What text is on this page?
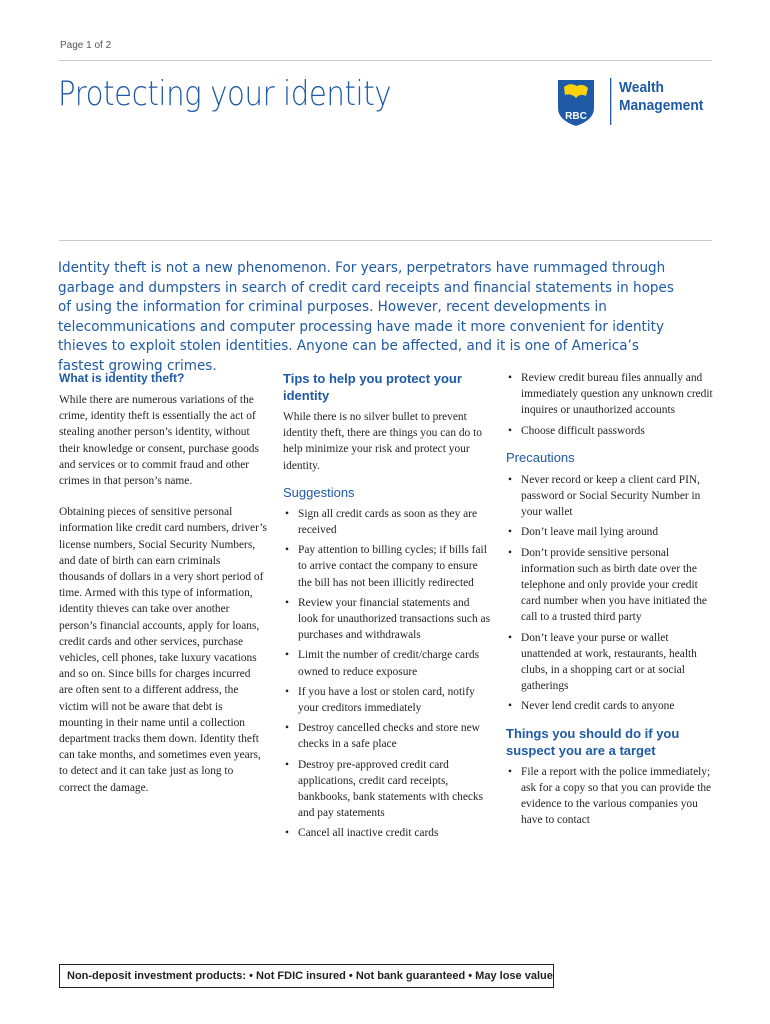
Page 1 of 2
Protecting your identity
RBC
Wealth
Management
Identity theft is not a new phenomenon. For years, perpetrators have rummaged through garbage and dumpsters in search of credit card receipts and financial statements in hopes of using the information for criminal purposes. However, recent developments in telecommunications and computer processing have made it more convenient for identity thieves to exploit stolen identities. Anyone can be affected, and it is one of America’s fastest growing crimes.
What is identity theft?

While there are numerous variations of the crime, identity theft is essentially the act of stealing another person’s identity, without their knowledge or consent, purchase goods and services or to commit fraud and other crimes in that person’s name.

Obtaining pieces of sensitive personal information like credit card numbers, driver’s license numbers, Social Security Numbers, and date of birth can earn criminals thousands of dollars in a very short period of time. Armed with this type of information, identity thieves can take over another person’s financial accounts, apply for loans, credit cards and other services, purchase vehicles, cell phones, take luxury vacations and so on. Since bills for charges incurred are often sent to a different address, the victim will not be aware that debt is mounting in their name until a collection department tracks them down. Identity theft can take months, and sometimes even years, to detect and it can take just as long to correct the damage.

Tips to help you protect your identity

While there is no silver bullet to prevent identity theft, there are things you can do to help minimize your risk and protect your identity.

Suggestions
• Sign all credit cards as soon as they are received
• Pay attention to billing cycles; if bills fail to arrive contact the company to ensure the bill has not been illicitly redirected
• Review your financial statements and look for unauthorized transactions such as purchases and withdrawals
• Limit the number of credit/charge cards owned to reduce exposure
• If you have a lost or stolen card, notify your creditors immediately
• Destroy cancelled checks and store new checks in a safe place
• Destroy pre-approved credit card applications, credit card receipts, bankbooks, bank statements with checks and pay statements
• Cancel all inactive credit cards
• Review credit bureau files annually and immediately question any unknown credit inquires or unauthorized accounts
• Choose difficult passwords
Precautions
• Never record or keep a client card PIN, password or Social Security Number in your wallet
• Don’t leave mail lying around
• Don’t provide sensitive personal information such as birth date over the telephone and only provide your credit card number when you have initiated the call to a trusted third party
• Don’t leave your purse or wallet unattended at work, restaurants, health clubs, in a shopping cart or at social gatherings
• Never lend credit cards to anyone
Things you should do if you suspect you are a target
• File a report with the police immediately; ask for a copy so that you can provide the evidence to the various companies you have to contact
Non-deposit investment products: • Not FDIC insured • Not bank guaranteed • May lose value
